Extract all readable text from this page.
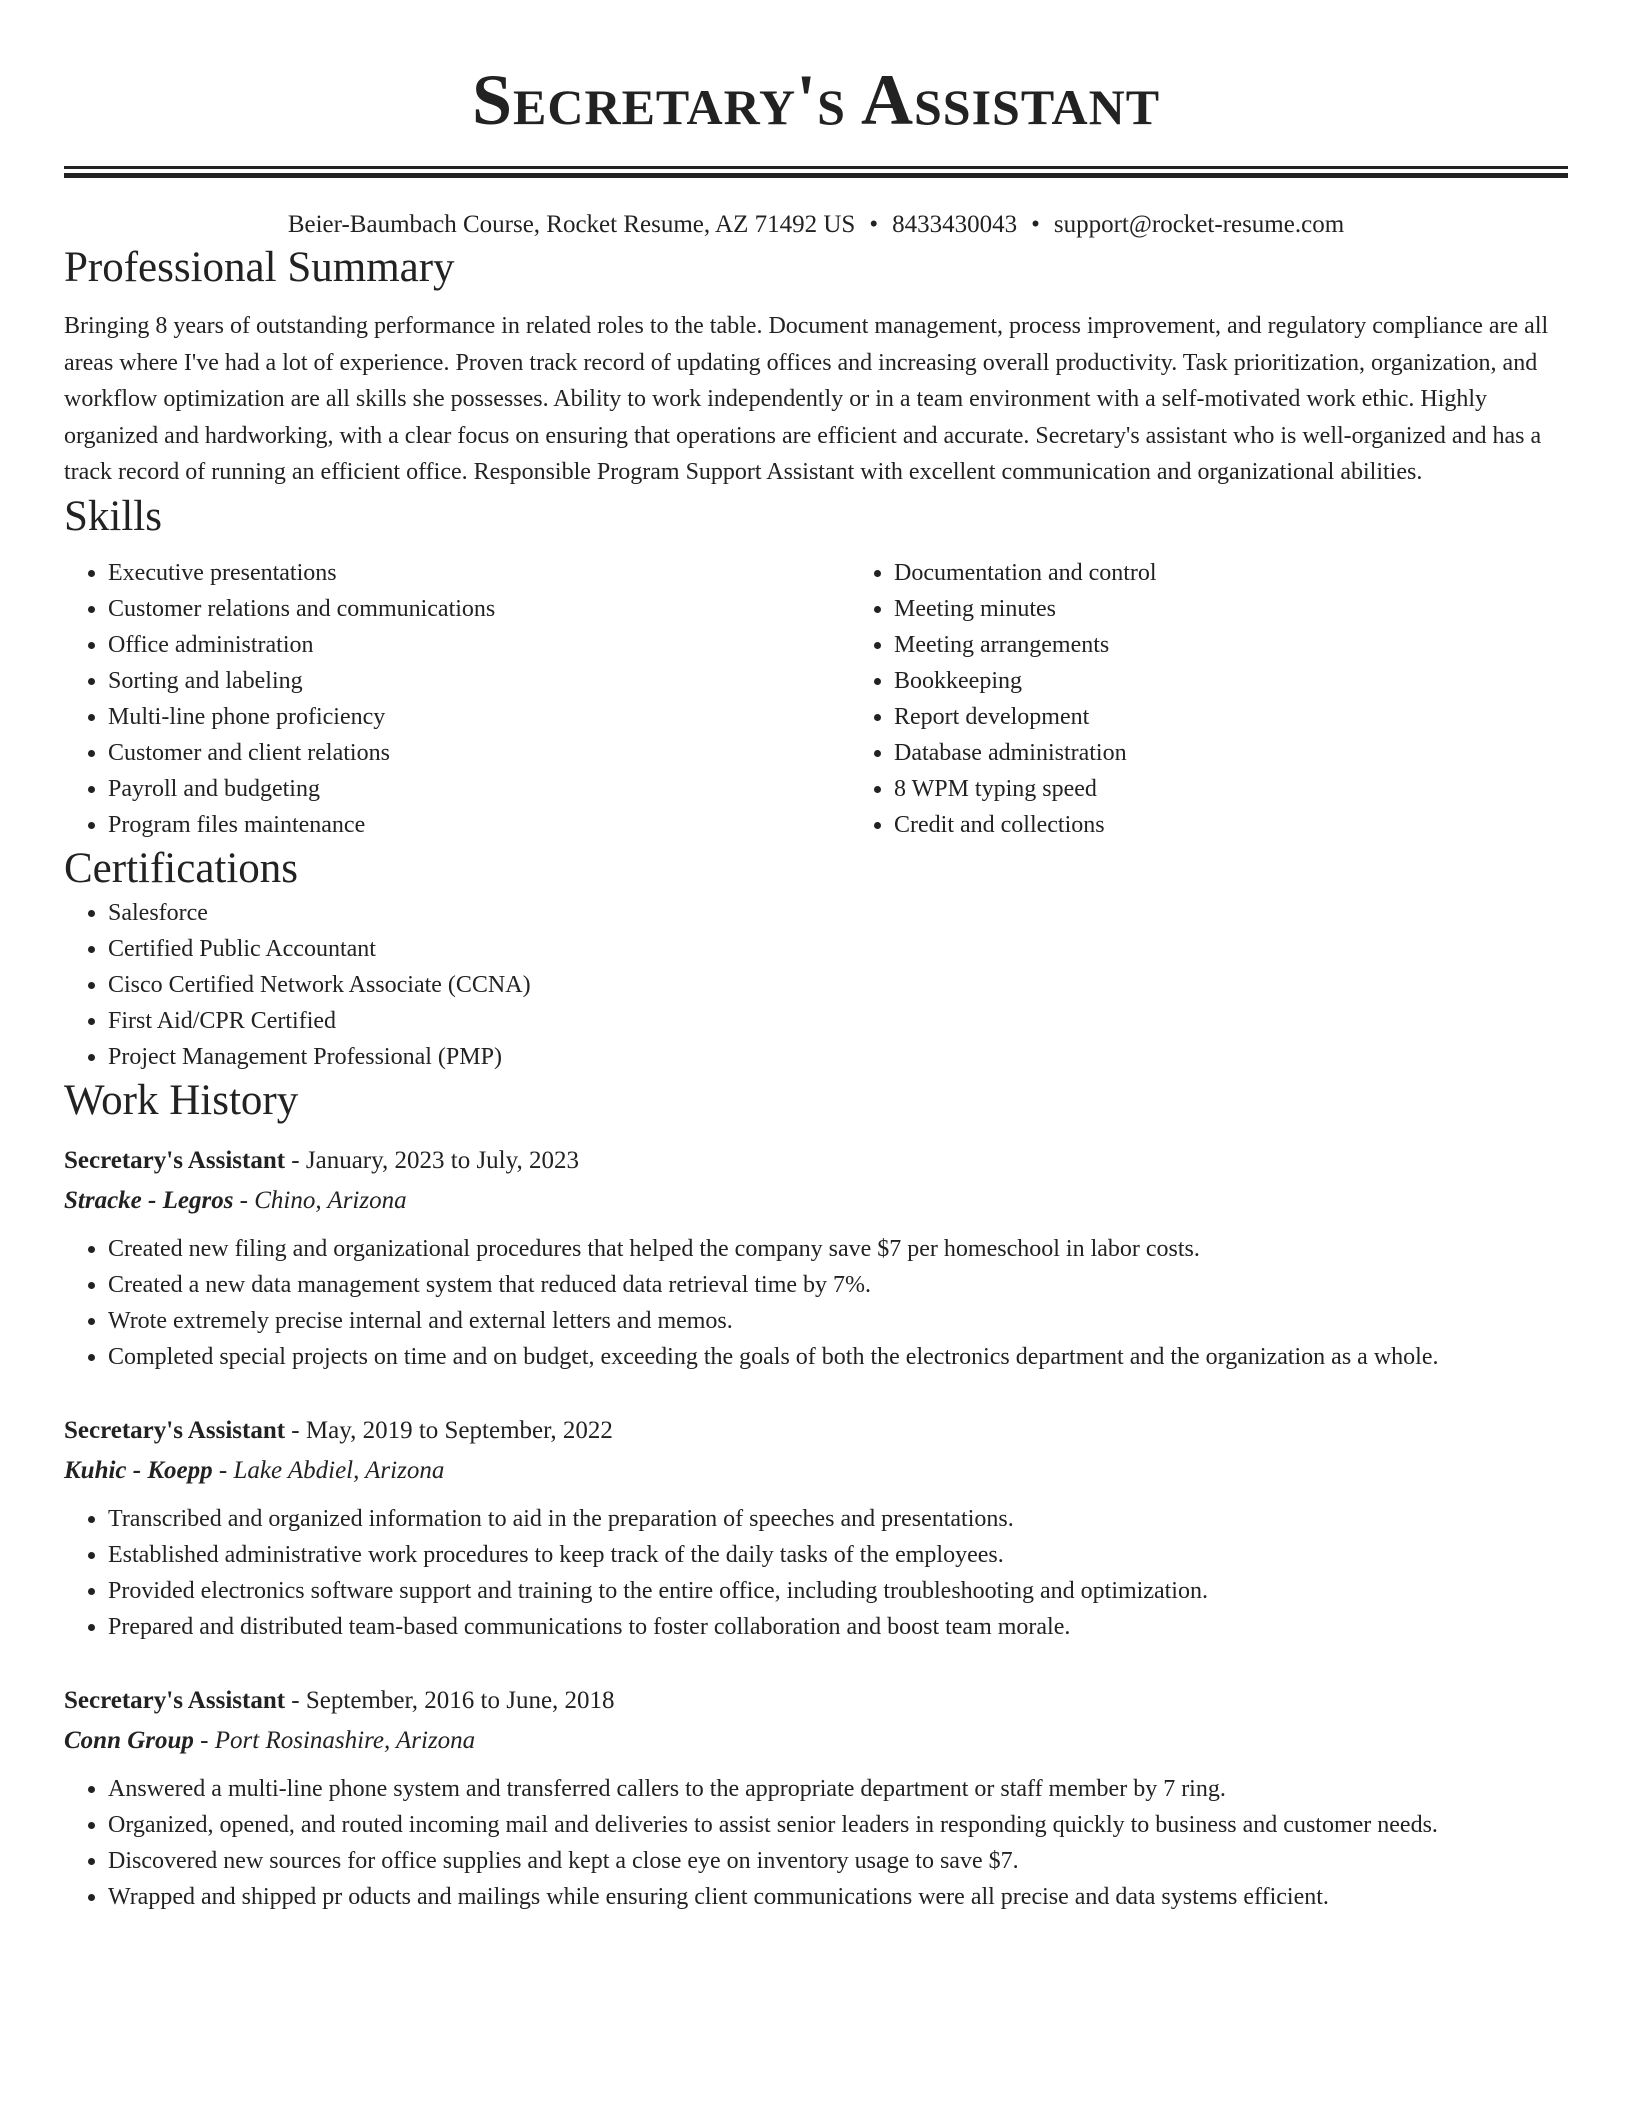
Secretary's Assistant
Beier-Baumbach Course, Rocket Resume, AZ 71492 US • 8433430043 • support@rocket-resume.com
Professional Summary

Bringing 8 years of outstanding performance in related roles to the table. Document management, process improvement, and regulatory compliance are all areas where I've had a lot of experience. Proven track record of updating offices and increasing overall productivity. Task prioritization, organization, and workflow optimization are all skills she possesses. Ability to work independently or in a team environment with a self-motivated work ethic. Highly organized and hardworking, with a clear focus on ensuring that operations are efficient and accurate. Secretary's assistant who is well-organized and has a track record of running an efficient office. Responsible Program Support Assistant with excellent communication and organizational abilities.

Skills
• Executive presentations
• Customer relations and communications
• Office administration
• Sorting and labeling
• Multi-line phone proficiency
• Customer and client relations
• Payroll and budgeting
• Program files maintenance
• Documentation and control
• Meeting minutes
• Meeting arrangements
• Bookkeeping
• Report development
• Database administration
• 8 WPM typing speed
• Credit and collections
Certifications
• Salesforce
• Certified Public Accountant
• Cisco Certified Network Associate (CCNA)
• First Aid/CPR Certified
• Project Management Professional (PMP)
Work History
Secretary's Assistant - January, 2023 to July, 2023
Stracke - Legros - Chino, Arizona
• Created new filing and organizational procedures that helped the company save $7 per homeschool in labor costs.
• Created a new data management system that reduced data retrieval time by 7%.
• Wrote extremely precise internal and external letters and memos.
• Completed special projects on time and on budget, exceeding the goals of both the electronics department and the organization as a whole.
Secretary's Assistant - May, 2019 to September, 2022
Kuhic - Koepp - Lake Abdiel, Arizona
• Transcribed and organized information to aid in the preparation of speeches and presentations.
• Established administrative work procedures to keep track of the daily tasks of the employees.
• Provided electronics software support and training to the entire office, including troubleshooting and optimization.
• Prepared and distributed team-based communications to foster collaboration and boost team morale.
Secretary's Assistant - September, 2016 to June, 2018
Conn Group - Port Rosinashire, Arizona
• Answered a multi-line phone system and transferred callers to the appropriate department or staff member by 7 ring.
• Organized, opened, and routed incoming mail and deliveries to assist senior leaders in responding quickly to business and customer needs.
• Discovered new sources for office supplies and kept a close eye on inventory usage to save $7.
• Wrapped and shipped pr oducts and mailings while ensuring client communications were all precise and data systems efficient.
